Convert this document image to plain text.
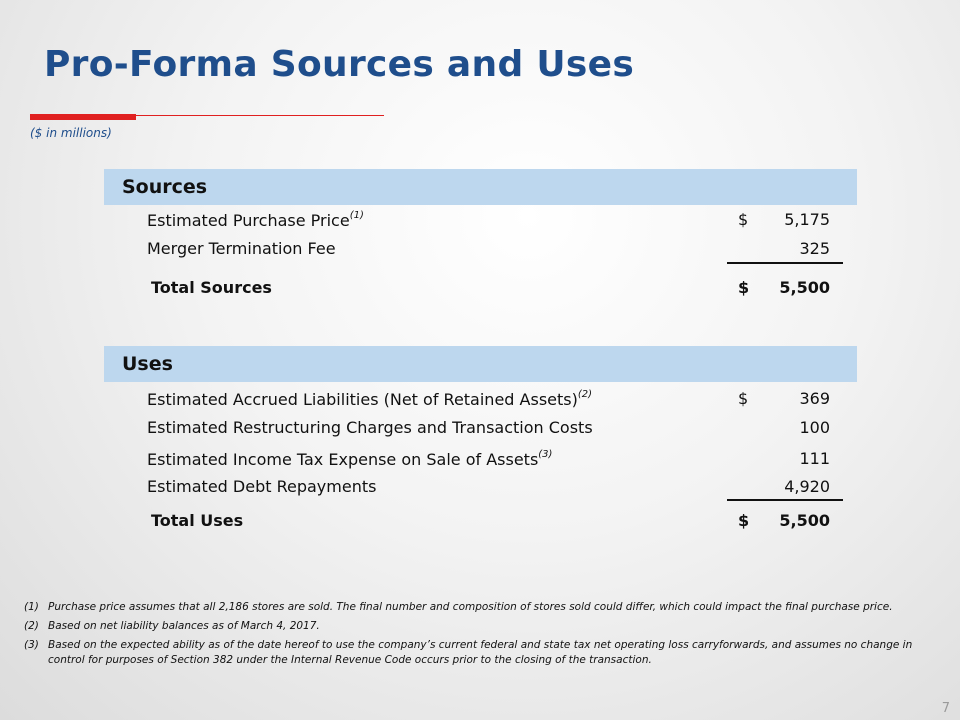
Pro-Forma Sources and Uses
($ in millions)
Sources
Estimated Purchase Price$^{(1)}$	$ 5,175
Merger Termination Fee	325
Total Sources	$ 5,500
Uses
Estimated Accrued Liabilities (Net of Retained Assets)$^{(2)}$	$	369
Estimated Restructuring Charges and Transaction Costs	100
Estimated Income Tax Expense on Sale of Assets$^{(3)}$	111
Estimated Debt Repayments	4,920
Total Uses	$ 5,500
(1) Purchase price assumes that all 2,186 stores are sold. The final number and composition of stores sold could differ, which could impact the final purchase price.
(2) Based on net liability balances as of March 4, 2017.
(3) Based on the expected ability as of the date hereof to use the company’s current federal and state tax net operating loss carryforwards, and assumes no change in control for purposes of Section 382 under the Internal Revenue Code occurs prior to the closing of the transaction.
7
